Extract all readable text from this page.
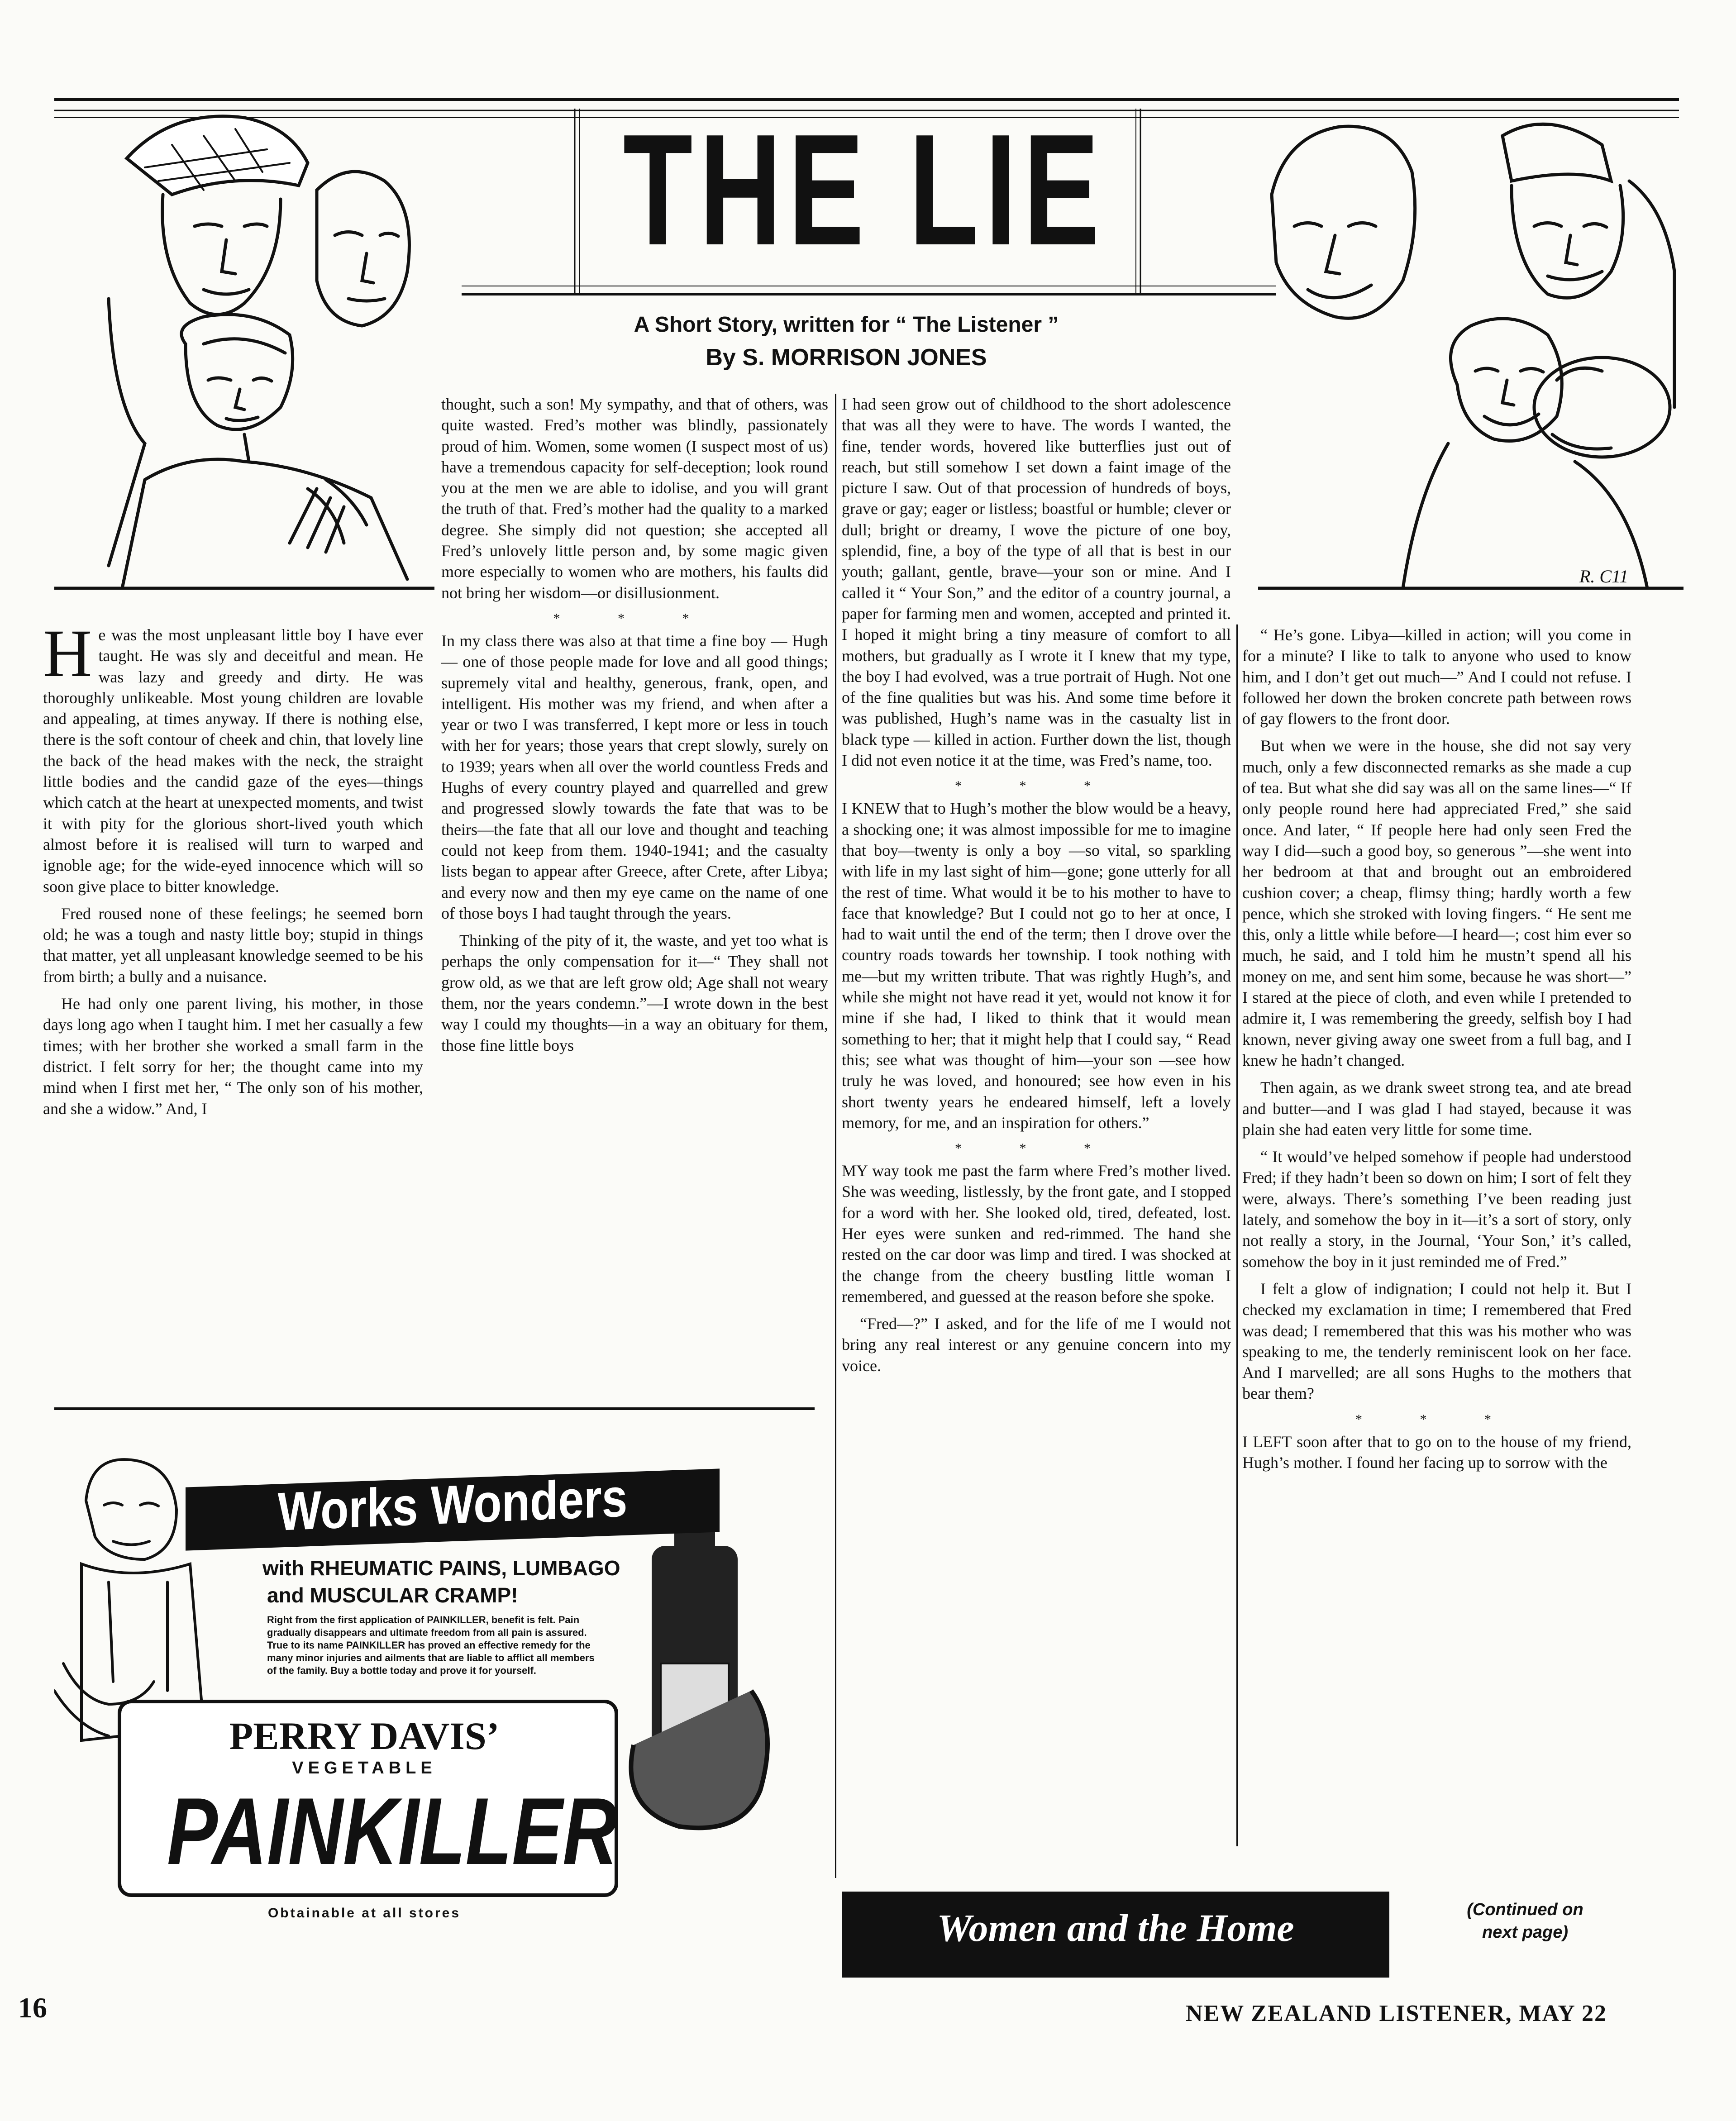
THE LIE
R. C11
A Short Story, written for “ The Listener ”
By S. MORRISON JONES

He was the most unpleasant little boy I have ever taught. He was sly and deceitful and mean. He was lazy and greedy and dirty. He was thoroughly unlikeable. Most young children are lovable and appealing, at times anyway. If there is nothing else, there is the soft contour of cheek and chin, that lovely line the back of the head makes with the neck, the straight little bodies and the candid gaze of the eyes—things which catch at the heart at unexpected moments, and twist it with pity for the glorious short-lived youth which almost before it is realised will turn to warped and ignoble age; for the wide-eyed innocence which will so soon give place to bitter knowledge.

Fred roused none of these feelings; he seemed born old; he was a tough and nasty little boy; stupid in things that matter, yet all unpleasant knowledge seemed to be his from birth; a bully and a nuisance.

He had only one parent living, his mother, in those days long ago when I taught him. I met her casually a few times; with her brother she worked a small farm in the district. I felt sorry for her; the thought came into my mind when I first met her, “ The only son of his mother, and she a widow.” And, I

thought, such a son! My sympathy, and that of others, was quite wasted. Fred’s mother was blindly, passionately proud of him. Women, some women (I suspect most of us) have a tremendous capacity for self-deception; look round you at the men we are able to idolise, and you will grant the truth of that. Fred’s mother had the quality to a marked degree. She simply did not question; she accepted all Fred’s unlovely little person and, by some magic given more especially to women who are mothers, his faults did not bring her wisdom—or disillusionment.

* * *

In my class there was also at that time a fine boy — Hugh — one of those people made for love and all good things; supremely vital and healthy, generous, frank, open, and intelligent. His mother was my friend, and when after a year or two I was transferred, I kept more or less in touch with her for years; those years that crept slowly, surely on to 1939; years when all over the world countless Freds and Hughs of every country played and quarrelled and grew and progressed slowly towards the fate that was to be theirs—the fate that all our love and thought and teaching could not keep from them. 1940-1941; and the casualty lists began to appear after Greece, after Crete, after Libya; and every now and then my eye came on the name of one of those boys I had taught through the years.

Thinking of the pity of it, the waste, and yet too what is perhaps the only compensation for it—“ They shall not grow old, as we that are left grow old; Age shall not weary them, nor the years condemn.”—I wrote down in the best way I could my thoughts—in a way an obituary for them, those fine little boys

I had seen grow out of childhood to the short adolescence that was all they were to have. The words I wanted, the fine, tender words, hovered like butterflies just out of reach, but still somehow I set down a faint image of the picture I saw. Out of that procession of hundreds of boys, grave or gay; eager or listless; boastful or humble; clever or dull; bright or dreamy, I wove the picture of one boy, splendid, fine, a boy of the type of all that is best in our youth; gallant, gentle, brave—your son or mine. And I called it “ Your Son,” and the editor of a country journal, a paper for farming men and women, accepted and printed it. I hoped it might bring a tiny measure of comfort to all mothers, but gradually as I wrote it I knew that my type, the boy I had evolved, was a true portrait of Hugh. Not one of the fine qualities but was his. And some time before it was published, Hugh’s name was in the casualty list in black type — killed in action. Further down the list, though I did not even notice it at the time, was Fred’s name, too.

* * *

I KNEW that to Hugh’s mother the blow would be a heavy, a shocking one; it was almost impossible for me to imagine that boy—twenty is only a boy —so vital, so sparkling with life in my last sight of him—gone; gone utterly for all the rest of time. What would it be to his mother to have to face that knowledge? But I could not go to her at once, I had to wait until the end of the term; then I drove over the country roads towards her township. I took nothing with me—but my written tribute. That was rightly Hugh’s, and while she might not have read it yet, would not know it for mine if she had, I liked to think that it would mean something to her; that it might help that I could say, “ Read this; see what was thought of him—your son —see how truly he was loved, and honoured; see how even in his short twenty years he endeared himself, left a lovely memory, for me, and an inspiration for others.”

* * *

MY way took me past the farm where Fred’s mother lived. She was weeding, listlessly, by the front gate, and I stopped for a word with her. She looked old, tired, defeated, lost. Her eyes were sunken and red-rimmed. The hand she rested on the car door was limp and tired. I was shocked at the change from the cheery bustling little woman I remembered, and guessed at the reason before she spoke.

“Fred—?” I asked, and for the life of me I would not bring any real interest or any genuine concern into my voice.

“ He’s gone. Libya—killed in action; will you come in for a minute? I like to talk to anyone who used to know him, and I don’t get out much—” And I could not refuse. I followed her down the broken concrete path between rows of gay flowers to the front door.

But when we were in the house, she did not say very much, only a few disconnected remarks as she made a cup of tea. But what she did say was all on the same lines—“ If only people round here had appreciated Fred,” she said once. And later, “ If people here had only seen Fred the way I did—such a good boy, so generous ”—she went into her bedroom at that and brought out an embroidered cushion cover; a cheap, flimsy thing; hardly worth a few pence, which she stroked with loving fingers. “ He sent me this, only a little while before—I heard—; cost him ever so much, he said, and I told him he mustn’t spend all his money on me, and sent him some, because he was short—” I stared at the piece of cloth, and even while I pretended to admire it, I was remembering the greedy, selfish boy I had known, never giving away one sweet from a full bag, and I knew he hadn’t changed.

Then again, as we drank sweet strong tea, and ate bread and butter—and I was glad I had stayed, because it was plain she had eaten very little for some time.

“ It would’ve helped somehow if people had understood Fred; if they hadn’t been so down on him; I sort of felt they were, always. There’s something I’ve been reading just lately, and somehow the boy in it—it’s a sort of story, only not really a story, in the Journal, ‘Your Son,’ it’s called, somehow the boy in it just reminded me of Fred.”

I felt a glow of indignation; I could not help it. But I checked my exclamation in time; I remembered that Fred was dead; I remembered that this was his mother who was speaking to me, the tenderly reminiscent look on her face. And I marvelled; are all sons Hughs to the mothers that bear them?

* * *

I LEFT soon after that to go on to the house of my friend, Hugh’s mother. I found her facing up to sorrow with the

Works Wonders
with RHEUMATIC PAINS, LUMBAGO
and MUSCULAR CRAMP!
Right from the first application of PAINKILLER, benefit is felt. Pain gradually disappears and ultimate freedom from all pain is assured. True to its name PAINKILLER has proved an effective remedy for the many minor injuries and ailments that are liable to afflict all members of the family. Buy a bottle today and prove it for yourself.
PERRY DAVIS’
VEGETABLE
PAINKILLER
Obtainable at all stores	Women and the Home	(Continued on next page)
16	NEW ZEALAND LISTENER, MAY 22
